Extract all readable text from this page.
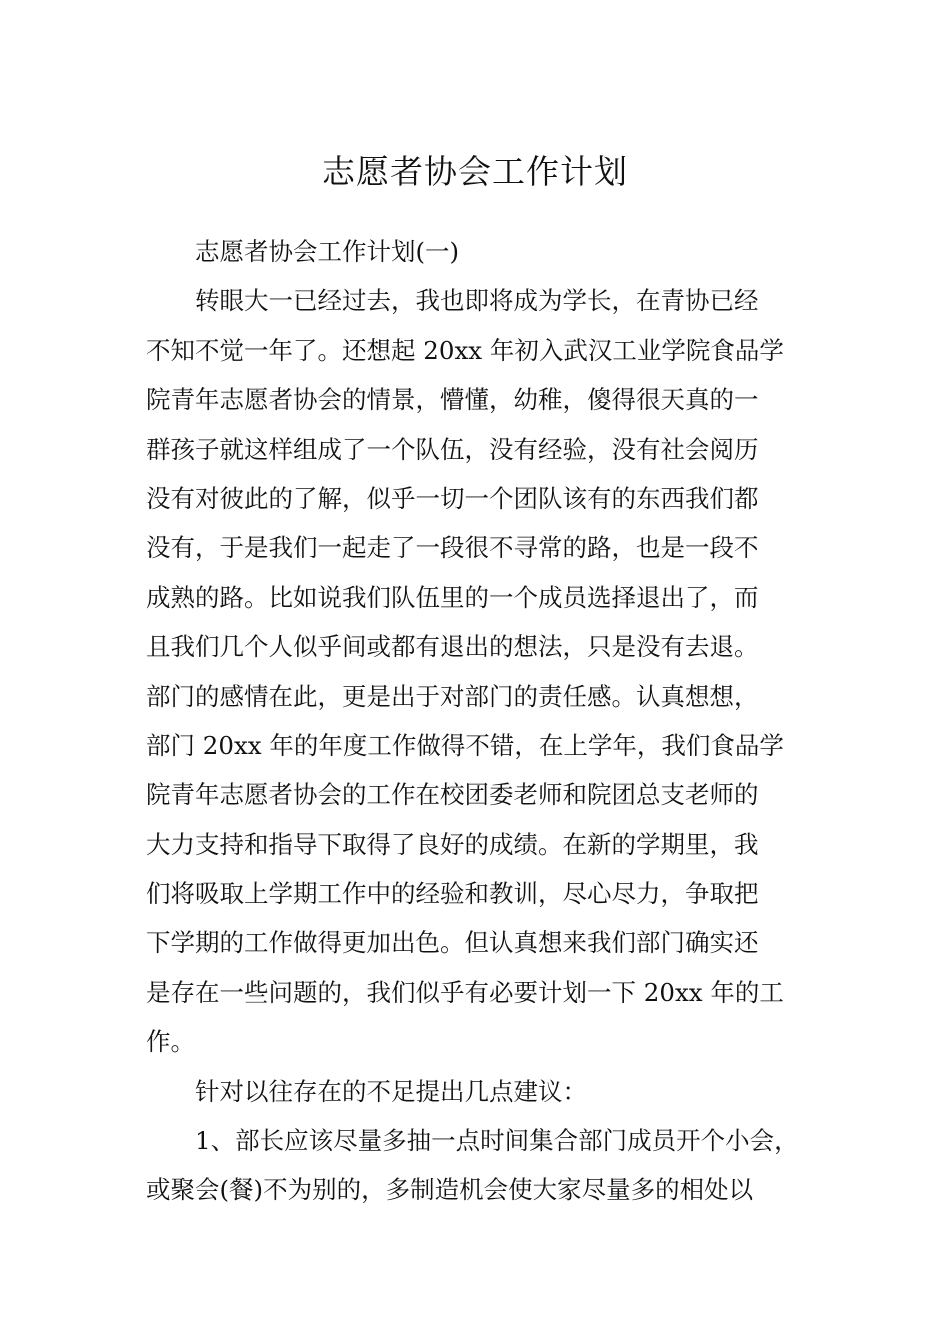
志愿者协会工作计划
志愿者协会工作计划(一)
转眼大一已经过去，我也即将成为学长，在青协已经
不知不觉一年了。还想起 20xx 年初入武汉工业学院食品学
院青年志愿者协会的情景，懵懂，幼稚，傻得很天真的一
群孩子就这样组成了一个队伍，没有经验，没有社会阅历
没有对彼此的了解，似乎一切一个团队该有的东西我们都
没有，于是我们一起走了一段很不寻常的路，也是一段不
成熟的路。比如说我们队伍里的一个成员选择退出了，而
且我们几个人似乎间或都有退出的想法，只是没有去退。
部门的感情在此，更是出于对部门的责任感。认真想想，
部门 20xx 年的年度工作做得不错，在上学年，我们食品学
院青年志愿者协会的工作在校团委老师和院团总支老师的
大力支持和指导下取得了良好的成绩。在新的学期里，我
们将吸取上学期工作中的经验和教训，尽心尽力，争取把
下学期的工作做得更加出色。但认真想来我们部门确实还
是存在一些问题的，我们似乎有必要计划一下 20xx 年的工
作。
针对以往存在的不足提出几点建议：
1、部长应该尽量多抽一点时间集合部门成员开个小会，
或聚会(餐)不为别的，多制造机会使大家尽量多的相处以
